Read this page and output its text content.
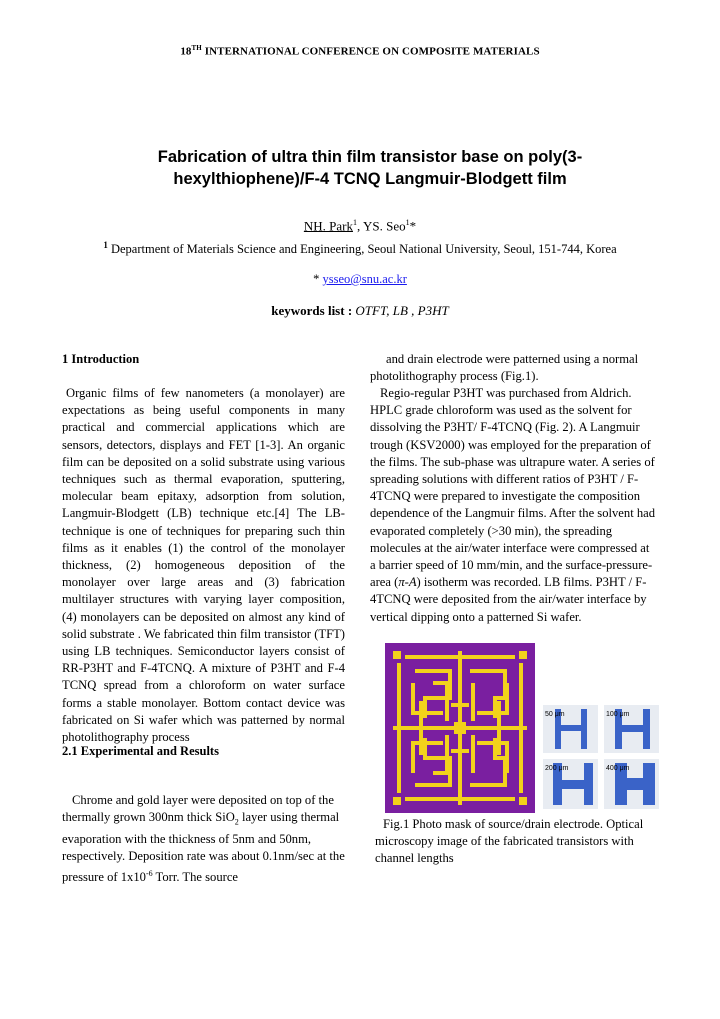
18TH INTERNATIONAL CONFERENCE ON COMPOSITE MATERIALS
Fabrication of ultra thin film transistor base on poly(3-
hexylthiophene)/F-4 TCNQ Langmuir-Blodgett film
NH. Park$^1$, YS. Seo$^1$*
$^1$ Department of Materials Science and Engineering, Seoul National University, Seoul, 151-744, Korea
* ysseo@snu.ac.kr
keywords list : OTFT, LB , P3HT
1 Introduction
Organic films of few nanometers (a monolayer) are expectations as being useful components in many practical and commercial applications which are sensors, detectors, displays and FET [1-3]. An organic film can be deposited on a solid substrate using various techniques such as thermal evaporation, sputtering, molecular beam epitaxy, adsorption from solution, Langmuir-Blodgett (LB) technique etc.[4] The LB-technique is one of techniques for preparing such thin films as it enables (1) the control of the monolayer thickness, (2) homogeneous deposition of the monolayer over large areas and (3) fabrication multilayer structures with varying layer composition, (4) monolayers can be deposited on almost any kind of solid substrate . We fabricated thin film transistor (TFT) using LB techniques. Semiconductor layers consist of RR-P3HT and F-4TCNQ. A mixture of P3HT and F-4 TCNQ spread from a chloroform on water surface forms a stable monolayer. Bottom contact device was fabricated on Si wafer which was patterned by normal photolithography process
2.1 Experimental and Results
Chrome and gold layer were deposited on top of the thermally grown 300nm thick SiO$_2$ layer using thermal evaporation with the thickness of 5nm and 50nm, respectively. Deposition rate was about 0.1nm/sec at the pressure of $1x10^{-6}$ Torr. The source
and drain electrode were patterned using a normal photolithography process (Fig.1).
Regio-regular P3HT was purchased from Aldrich. HPLC grade chloroform was used as the solvent for dissolving the P3HT/ F-4TCNQ (Fig. 2). A Langmuir trough (KSV2000) was employed for the preparation of the films. The sub-phase was ultrapure water. A series of spreading solutions with different ratios of P3HT / F-4TCNQ were prepared to investigate the composition dependence of the Langmuir films. After the solvent had evaporated completely (>30 min), the spreading molecules at the air/water interface were compressed at a barrier speed of 10 mm/min, and the surface-pressure-area (π-A) isotherm was recorded. LB films. P3HT / F-4TCNQ were deposited from the air/water interface by vertical dipping onto a patterned Si wafer.
50 μm	100 μm
200 μm	400 μm
Fig.1 Photo mask of source/drain electrode. Optical microscopy image of the fabricated transistors with channel lengths
